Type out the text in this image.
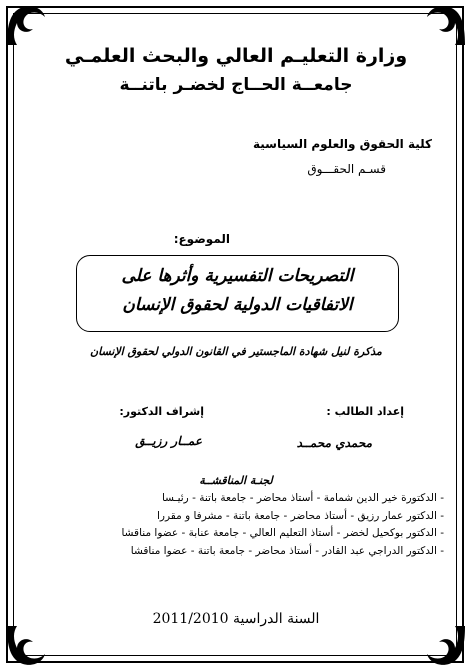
وزارة التعليـم العالي والبحث العلمـي
جامعــة الحــاج لخضـر باتنــة
كلية الحقوق والعلوم السياسية
قسـم الحقـــوق
الموضوع:
التصريحات التفسيرية وأثرها على
الاتفاقيات الدولية لحقوق الإنسان
مذكرة لنيل شهادة الماجستير في القانون الدولي لحقوق الإنسان
إعداد الطالب :
محمدي محمــد
إشراف الدكتور:
عمــار رزيــق
لجنـة المناقشــة
- الدكتورة خير الدين شمامة - أستاذ محاضر - جامعة باتنة - رئيـسا
- الدكتور عمار رزيق - أستاذ محاضر - جامعة باتنة - مشرفا و مقررا
- الدكتور بوكحيل لخضر - أستاذ التعليم العالي - جامعة عنابة - عضوا مناقشا
- الدكتور الدراجي عبد القادر - أستاذ محاضر - جامعة باتنة - عضوا مناقشا
السنة الدراسية 2011/2010
